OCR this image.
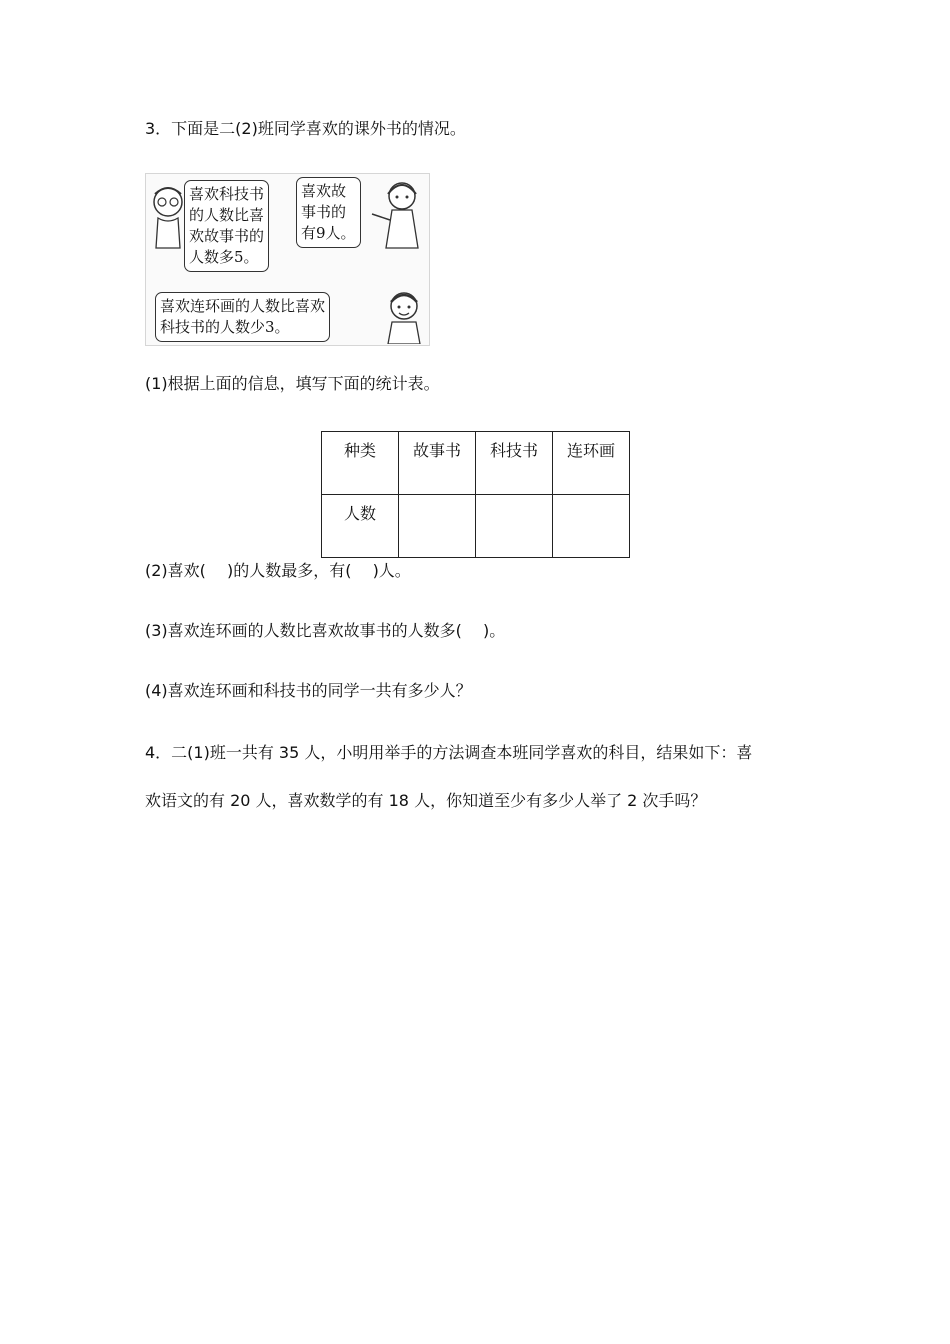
3．下面是二(2)班同学喜欢的课外书的情况。
喜欢科技书
的人数比喜
欢故事书的
人数多5。
喜欢故
事书的
有9人。
喜欢连环画的人数比喜欢
科技书的人数少3。
(1)根据上面的信息，填写下面的统计表。
种类	故事书	科技书	连环画
人数			
(2)喜欢(　 )的人数最多，有(　 )人。
(3)喜欢连环画的人数比喜欢故事书的人数多(　 )。
(4)喜欢连环画和科技书的同学一共有多少人？
4．二(1)班一共有 35 人，小明用举手的方法调查本班同学喜欢的科目，结果如下：喜
欢语文的有 20 人，喜欢数学的有 18 人，你知道至少有多少人举了 2 次手吗？
